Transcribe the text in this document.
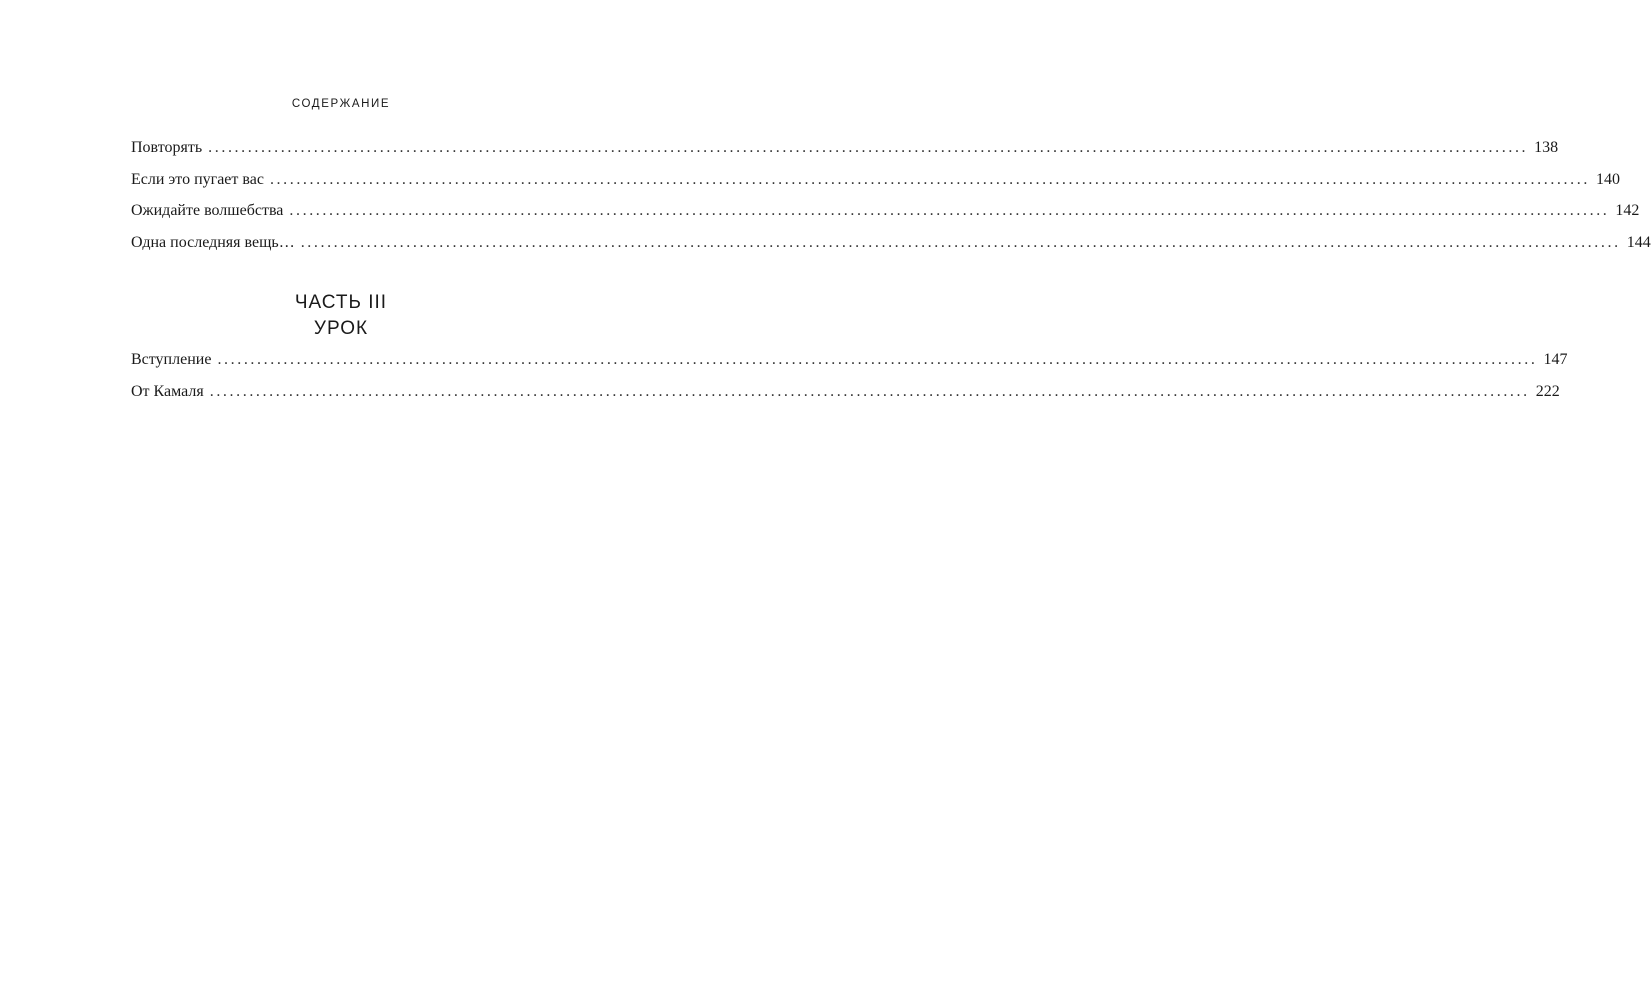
СОДЕРЖАНИЕ
Повторять ........................................................................................................................................................................................................ 138
Если это пугает вас ........................................................................................................................................................................................................ 140
Ожидайте волшебства ........................................................................................................................................................................................................ 142
Одна последняя вещь… ........................................................................................................................................................................................................ 144
ЧАСТЬ III
УРОК
Вступление ........................................................................................................................................................................................................ 147
От Камаля ........................................................................................................................................................................................................ 222
